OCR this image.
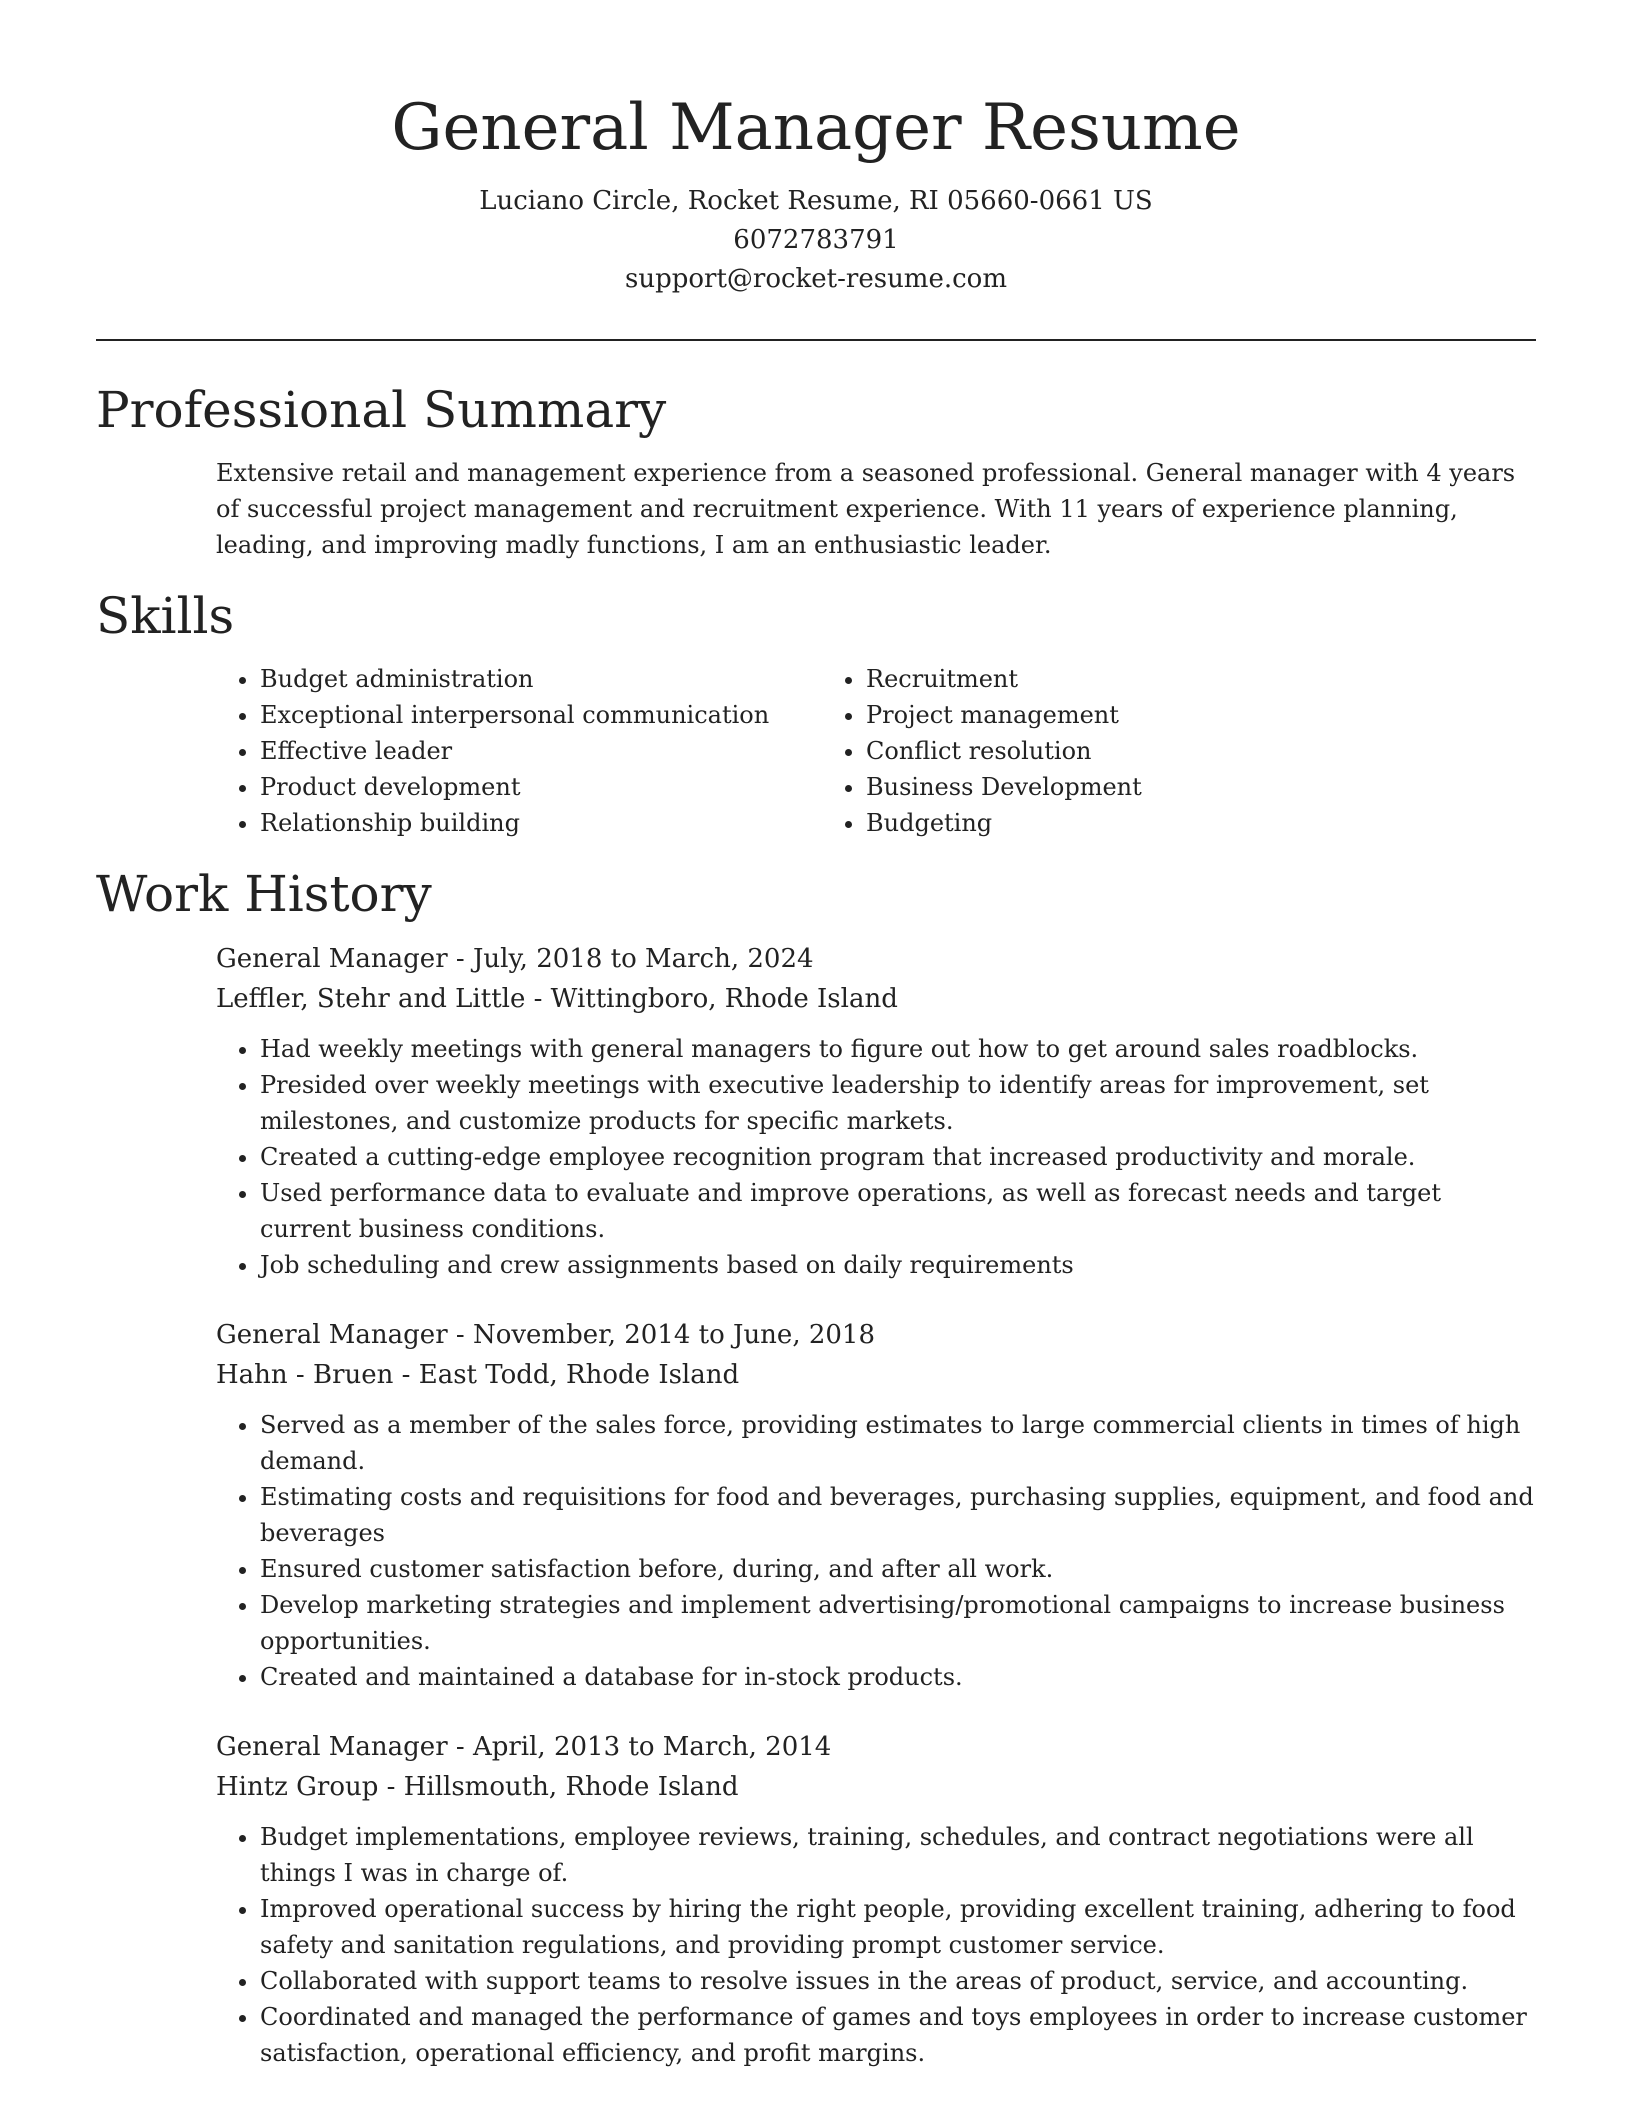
General Manager Resume
Luciano Circle, Rocket Resume, RI 05660-0661 US
6072783791
support@rocket-resume.com
Professional Summary

Extensive retail and management experience from a seasoned professional. General manager with 4 years of successful project management and recruitment experience. With 11 years of experience planning, leading, and improving madly functions, I am an enthusiastic leader.

Skills
• Budget administration
• Exceptional interpersonal communication
• Effective leader
• Product development
• Relationship building
• Recruitment
• Project management
• Conflict resolution
• Business Development
• Budgeting
Work History
General Manager - July, 2018 to March, 2024
Leffler, Stehr and Little - Wittingboro, Rhode Island
• Had weekly meetings with general managers to figure out how to get around sales roadblocks.
• Presided over weekly meetings with executive leadership to identify areas for improvement, set milestones, and customize products for specific markets.
• Created a cutting-edge employee recognition program that increased productivity and morale.
• Used performance data to evaluate and improve operations, as well as forecast needs and target current business conditions.
• Job scheduling and crew assignments based on daily requirements
General Manager - November, 2014 to June, 2018
Hahn - Bruen - East Todd, Rhode Island
• Served as a member of the sales force, providing estimates to large commercial clients in times of high demand.
• Estimating costs and requisitions for food and beverages, purchasing supplies, equipment, and food and beverages
• Ensured customer satisfaction before, during, and after all work.
• Develop marketing strategies and implement advertising/promotional campaigns to increase business opportunities.
• Created and maintained a database for in-stock products.
General Manager - April, 2013 to March, 2014
Hintz Group - Hillsmouth, Rhode Island
• Budget implementations, employee reviews, training, schedules, and contract negotiations were all things I was in charge of.
• Improved operational success by hiring the right people, providing excellent training, adhering to food safety and sanitation regulations, and providing prompt customer service.
• Collaborated with support teams to resolve issues in the areas of product, service, and accounting.
• Coordinated and managed the performance of games and toys employees in order to increase customer satisfaction, operational efficiency, and profit margins.
